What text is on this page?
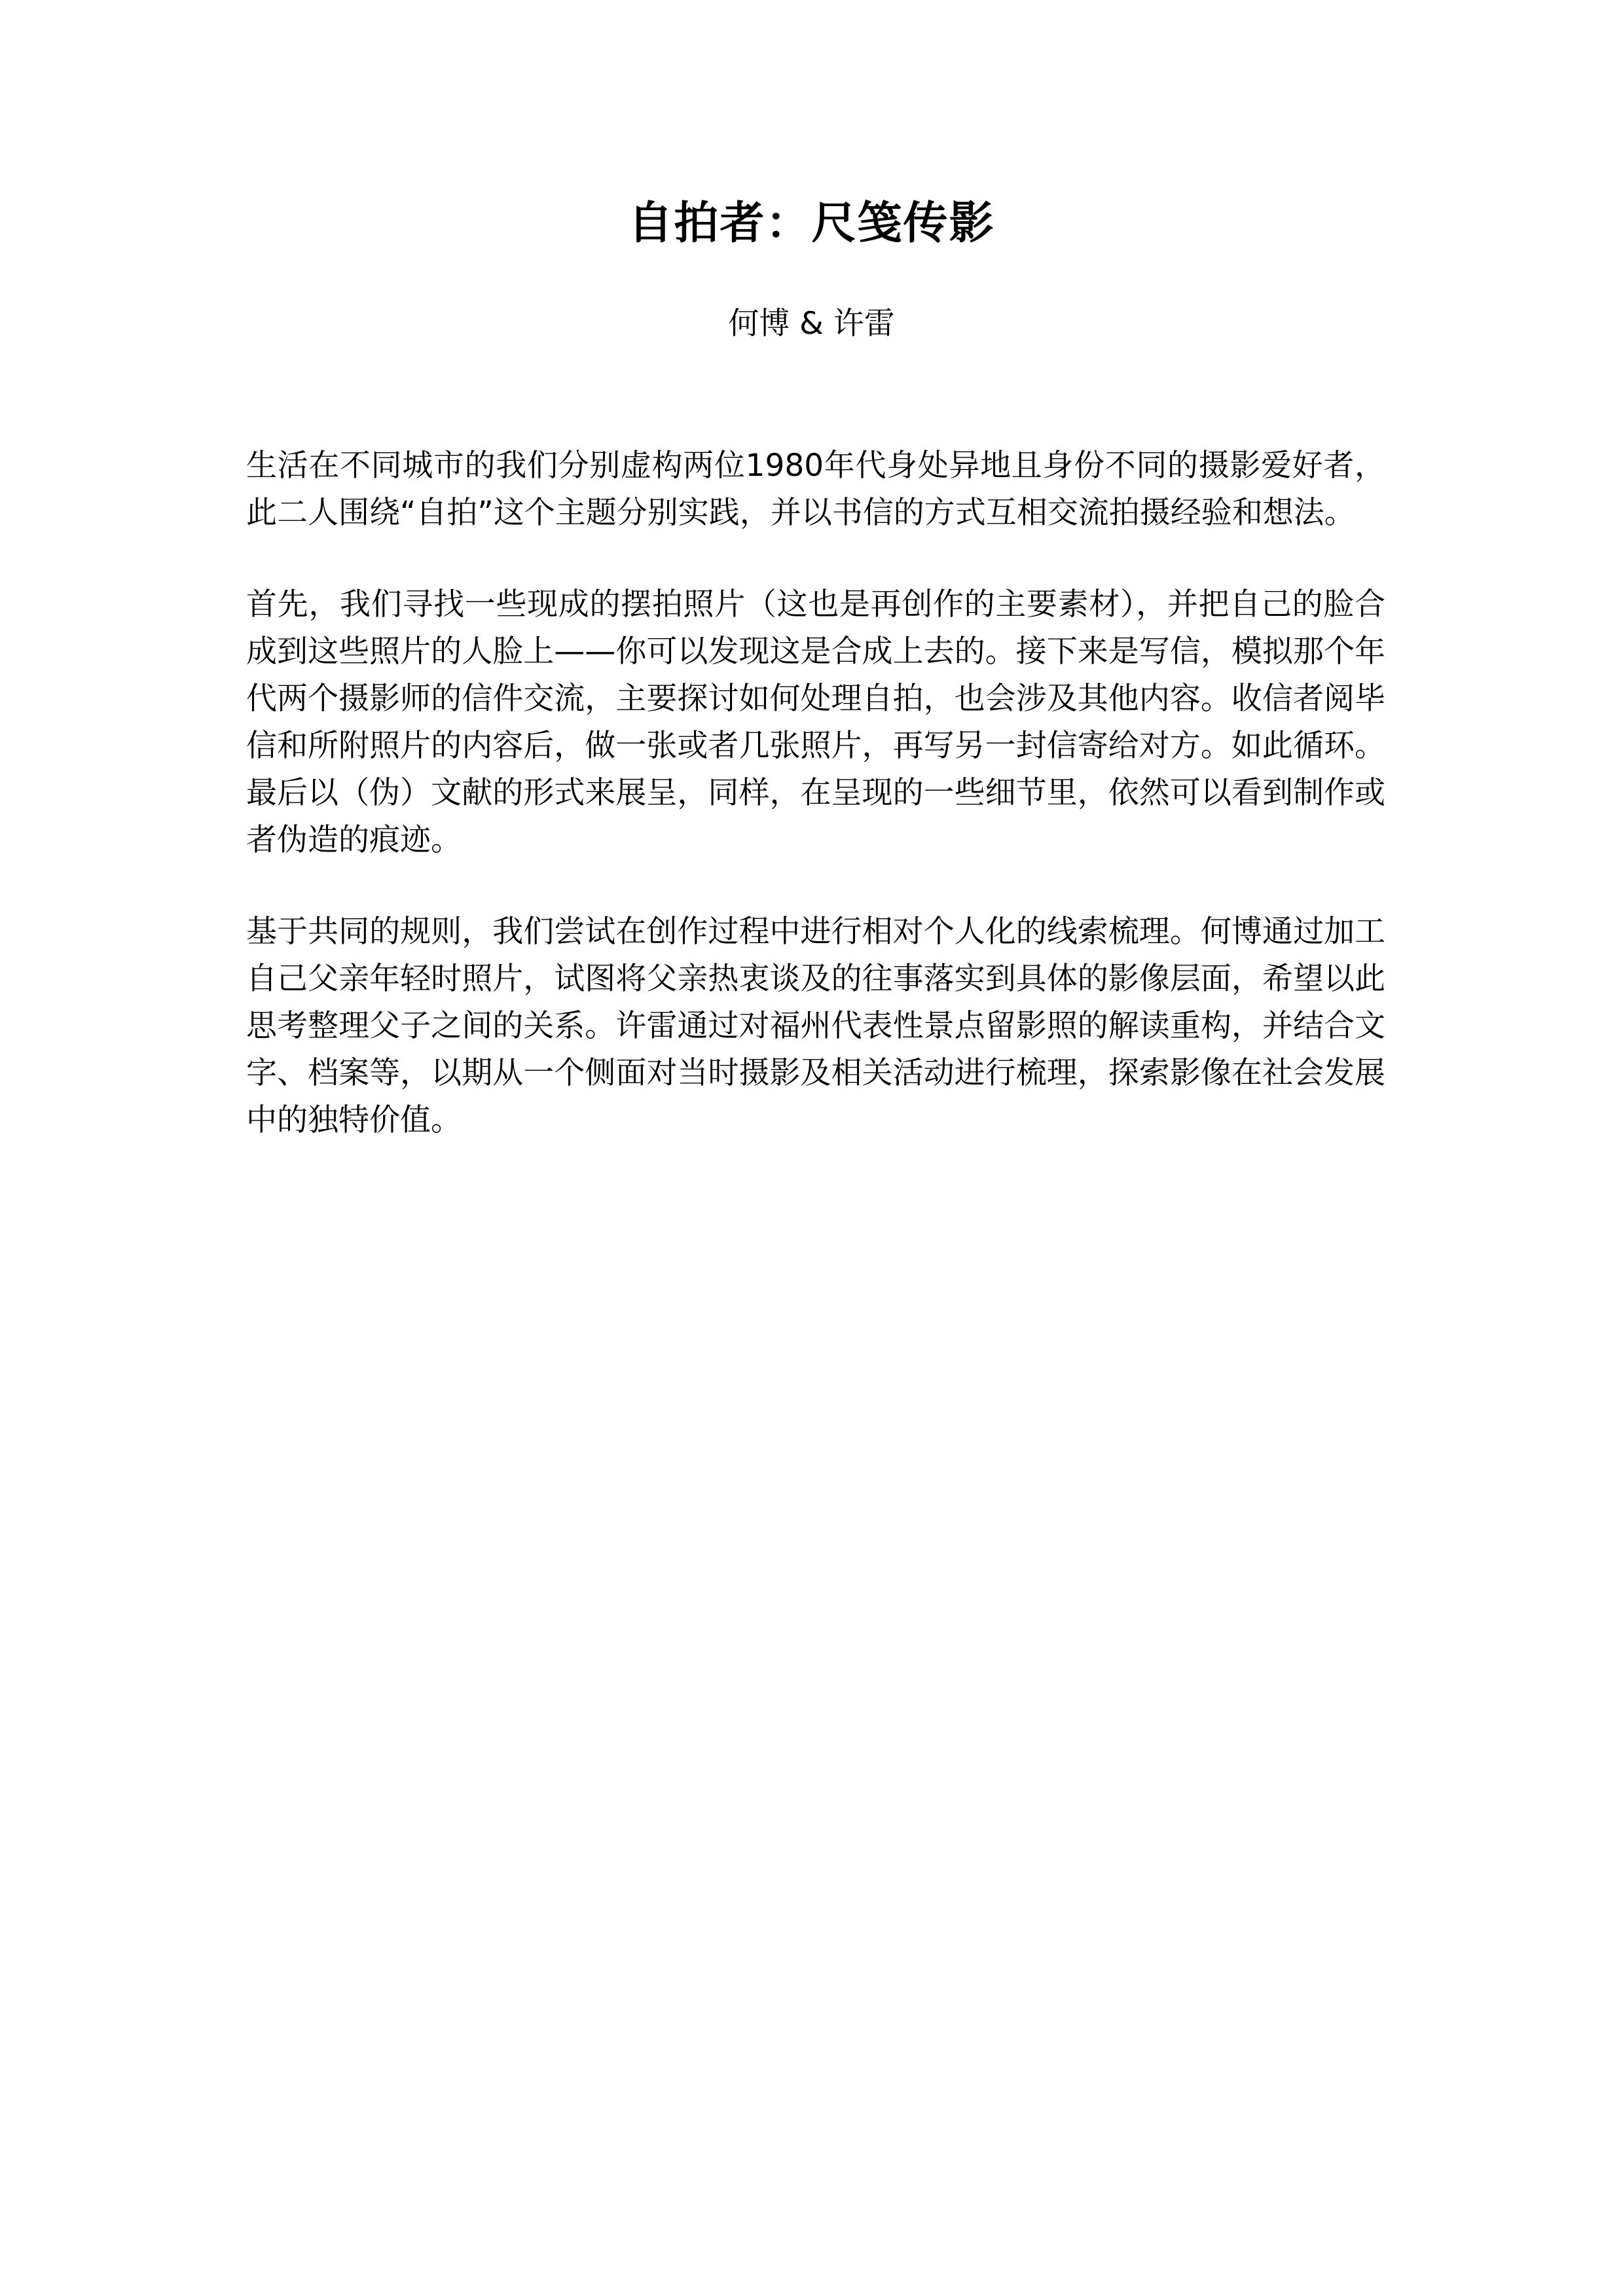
自拍者：尺笺传影
何博 & 许雷

生活在不同城市的我们分别虚构两位1980年代身处异地且身份不同的摄影爱好者，此二人围绕“自拍”这个主题分别实践，并以书信的方式互相交流拍摄经验和想法。

首先，我们寻找一些现成的摆拍照片（这也是再创作的主要素材），并把自己的脸合成到这些照片的人脸上——你可以发现这是合成上去的。接下来是写信，模拟那个年代两个摄影师的信件交流，主要探讨如何处理自拍，也会涉及其他内容。收信者阅毕信和所附照片的内容后，做一张或者几张照片，再写另一封信寄给对方。如此循环。最后以（伪）文献的形式来展呈，同样，在呈现的一些细节里，依然可以看到制作或者伪造的痕迹。

基于共同的规则，我们尝试在创作过程中进行相对个人化的线索梳理。何博通过加工自己父亲年轻时照片，试图将父亲热衷谈及的往事落实到具体的影像层面，希望以此思考整理父子之间的关系。许雷通过对福州代表性景点留影照的解读重构，并结合文字、档案等，以期从一个侧面对当时摄影及相关活动进行梳理，探索影像在社会发展中的独特价值。
